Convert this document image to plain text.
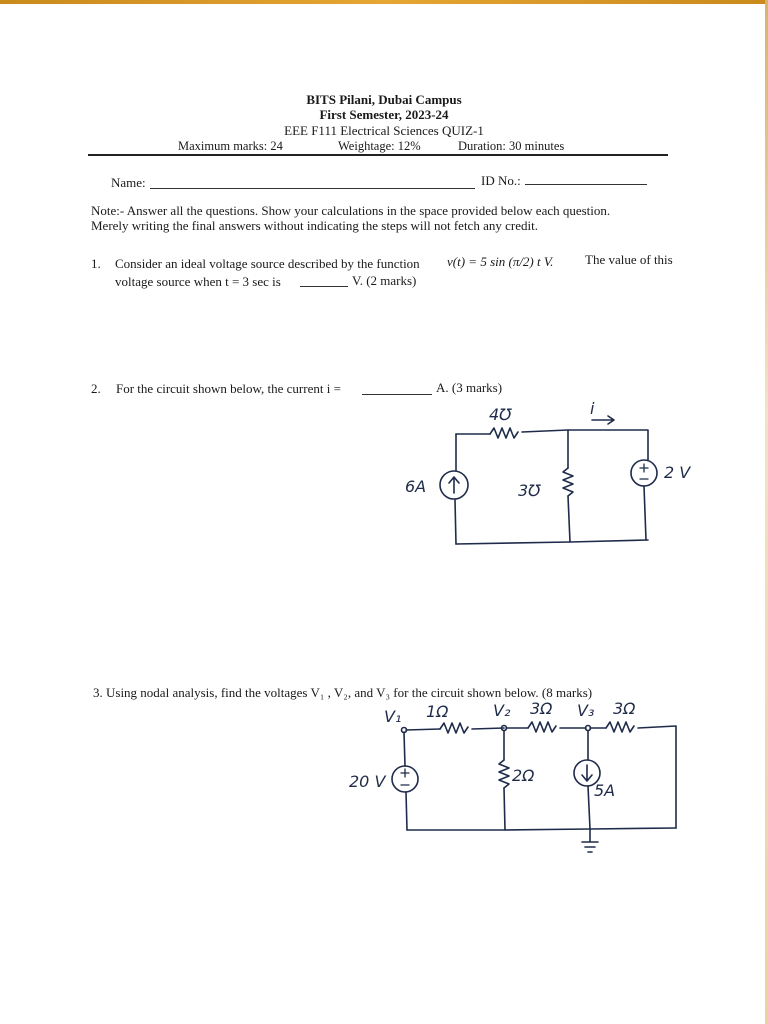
BITS Pilani, Dubai Campus
First Semester, 2023-24
EEE F111 Electrical Sciences QUIZ-1
Maximum marks: 24	Weightage: 12%	Duration: 30 minutes
Name:	ID No.:
Note:- Answer all the questions. Show your calculations in the space provided below each question.
Merely writing the final answers without indicating the steps will not fetch any credit.
1. Consider an ideal voltage source described by the function v(t) = 5 sin (π/2) t V. The value of this
voltage source when t = 3 sec is	V. (2 marks)
2. For the circuit shown below, the current i =	A. (3 marks)
3. Using nodal analysis, find the voltages V₁ , V₂, and V₃ for the circuit shown below. (8 marks)
4℧	i
6A	3℧
2 V
V₁ 1Ω	V₂ 3Ω V₃ 3Ω
20 V	2Ω
5A
